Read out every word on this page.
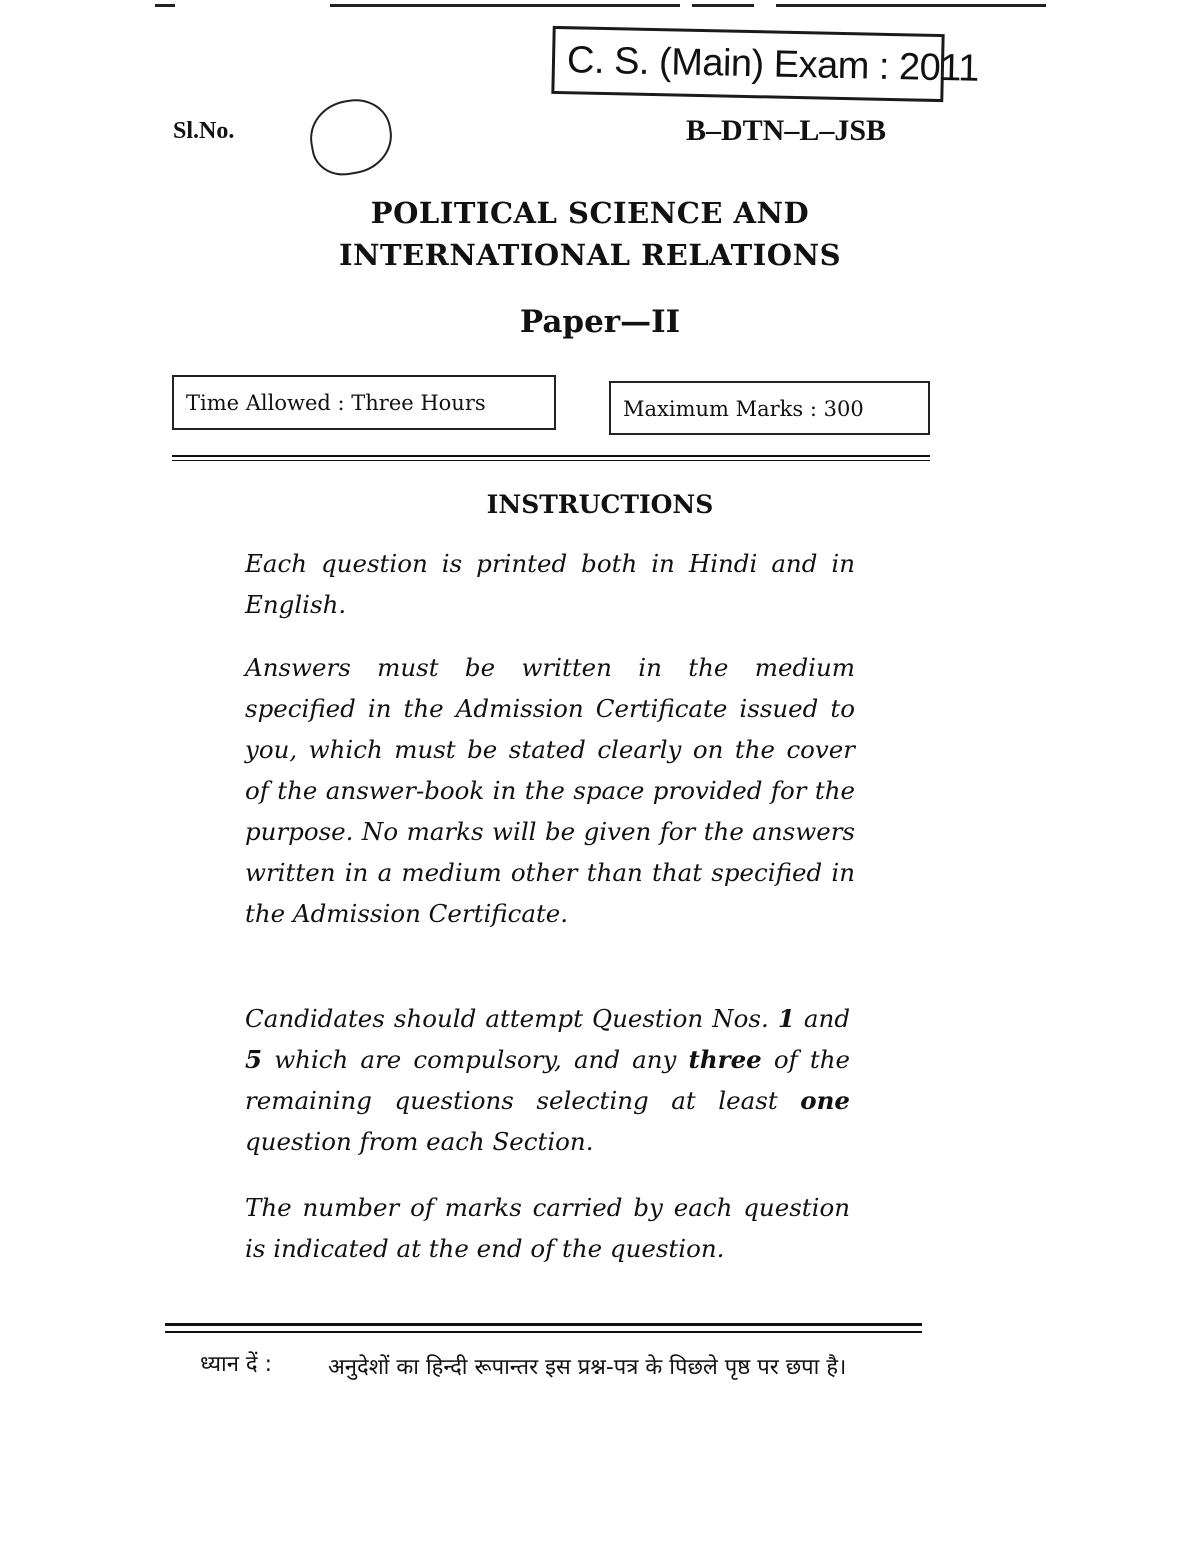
C. S. (Main) Exam : 2011
Sl.No.	B–DTN–L–JSB
POLITICAL SCIENCE AND
INTERNATIONAL RELATIONS
Paper—II
Time Allowed : Three Hours	Maximum Marks : 300
INSTRUCTIONS
Each question is printed both in Hindi and in English.
Answers must be written in the medium specified in the Admission Certificate issued to you, which must be stated clearly on the cover of the answer-book in the space provided for the purpose. No marks will be given for the answers written in a medium other than that specified in the Admission Certificate.
Candidates should attempt Question Nos. 1 and 5 which are compulsory, and any three of the remaining questions selecting at least one question from each Section.
The number of marks carried by each question is indicated at the end of the question.
ध्यान दें :	अनुदेशों का हिन्दी रूपान्तर इस प्रश्न-पत्र के पिछले पृष्ठ पर छपा है।
